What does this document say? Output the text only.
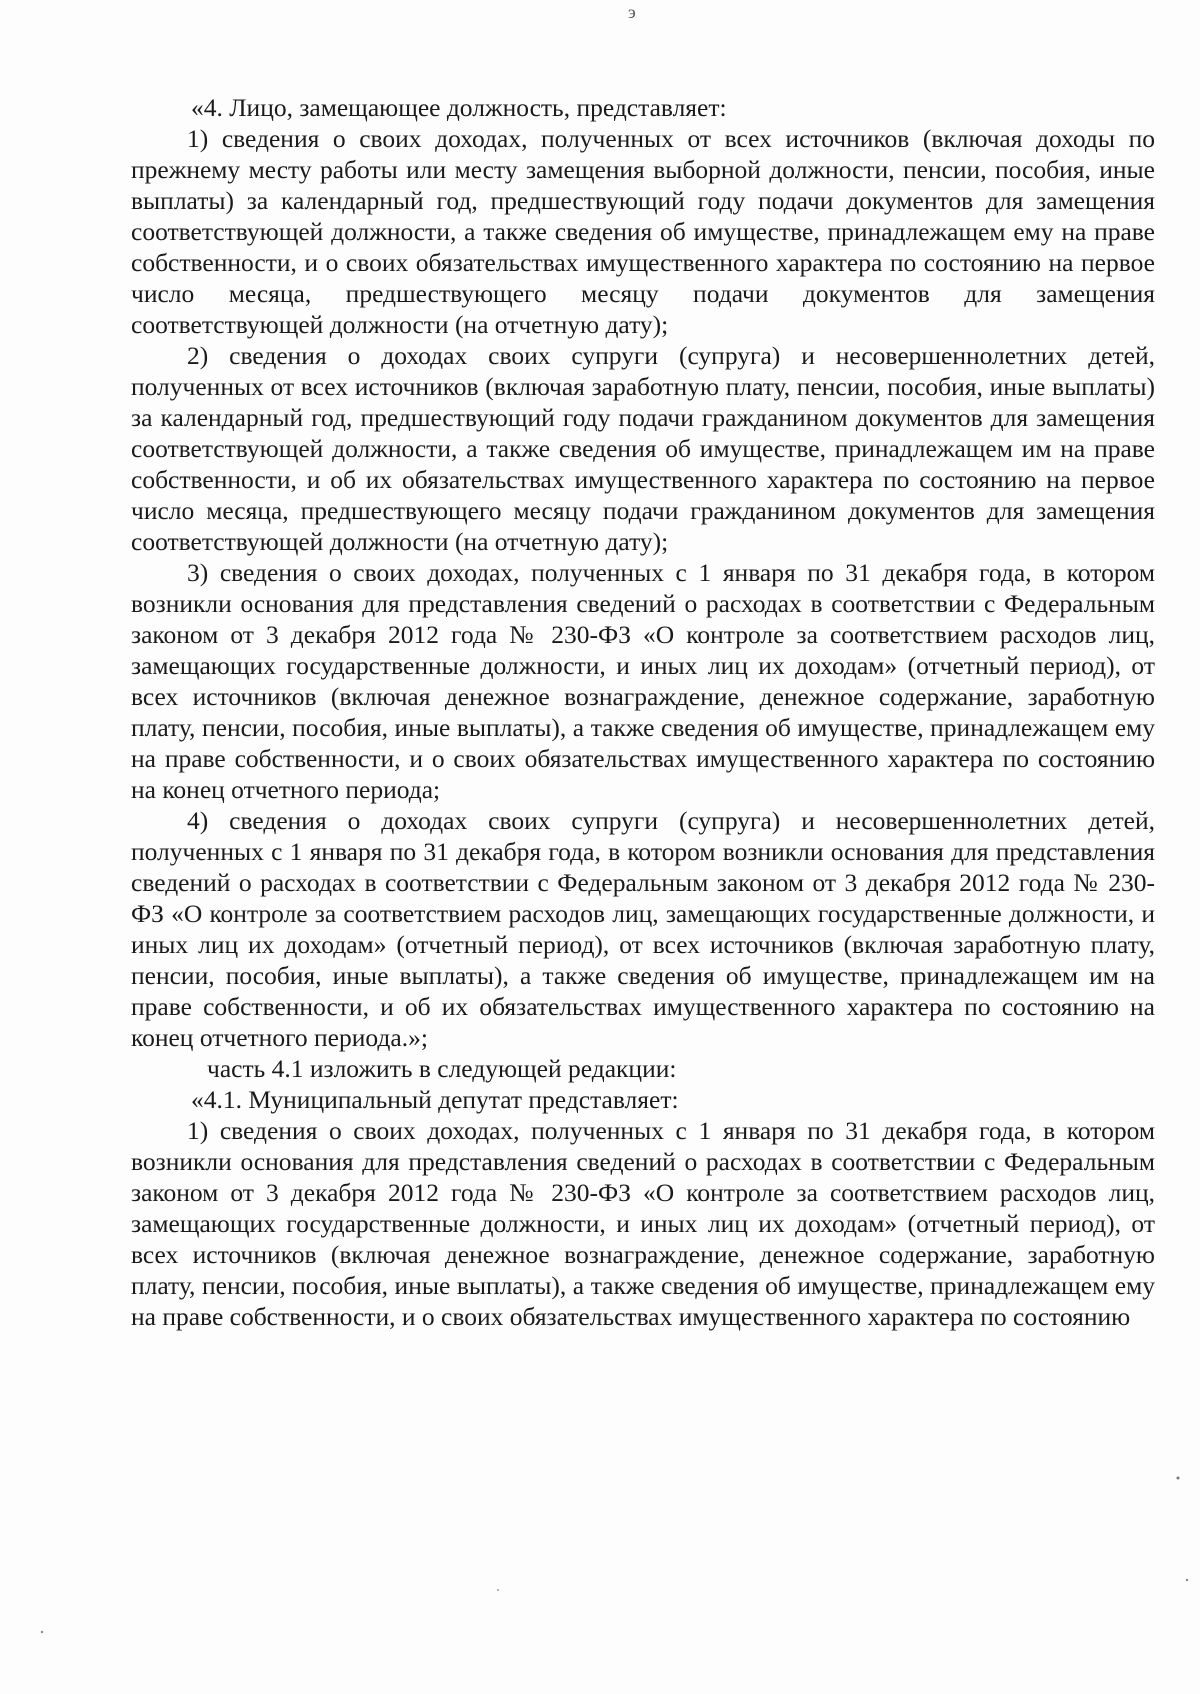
э

«4. Лицо, замещающее должность, представляет:

1) сведения о своих доходах, полученных от всех источников (включая доходы по прежнему месту работы или месту замещения выборной должности, пенсии, пособия, иные выплаты) за календарный год, предшествующий году подачи документов для замещения соответствующей должности, а также сведения об имуществе, принадлежащем ему на праве собственности, и о своих обязательствах имущественного характера по состоянию на первое число месяца, предшествующего месяцу подачи документов для замещения соответствующей должности (на отчетную дату);

2) сведения о доходах своих супруги (супруга) и несовершеннолетних детей, полученных от всех источников (включая заработную плату, пенсии, пособия, иные выплаты) за календарный год, предшествующий году подачи гражданином документов для замещения соответствующей должности, а также сведения об имуществе, принадлежащем им на праве собственности, и об их обязательствах имущественного характера по состоянию на первое число месяца, предшествующего месяцу подачи гражданином документов для замещения соответствующей должности (на отчетную дату);

3) сведения о своих доходах, полученных с 1 января по 31 декабря года, в котором возникли основания для представления сведений о расходах в соответствии с Федеральным законом от 3 декабря 2012 года № 230-ФЗ «О контроле за соответствием расходов лиц, замещающих государственные должности, и иных лиц их доходам» (отчетный период), от всех источников (включая денежное вознаграждение, денежное содержание, заработную плату, пенсии, пособия, иные выплаты), а также сведения об имуществе, принадлежащем ему на праве собственности, и о своих обязательствах имущественного характера по состоянию на конец отчетного периода;

4) сведения о доходах своих супруги (супруга) и несовершеннолетних детей, полученных с 1 января по 31 декабря года, в котором возникли основания для представления сведений о расходах в соответствии с Федеральным законом от 3 декабря 2012 года № 230-ФЗ «О контроле за соответствием расходов лиц, замещающих государственные должности, и иных лиц их доходам» (отчетный период), от всех источников (включая заработную плату, пенсии, пособия, иные выплаты), а также сведения об имуществе, принадлежащем им на праве собственности, и об их обязательствах имущественного характера по состоянию на конец отчетного периода.»;

часть 4.1 изложить в следующей редакции:

«4.1. Муниципальный депутат представляет:

1) сведения о своих доходах, полученных с 1 января по 31 декабря года, в котором возникли основания для представления сведений о расходах в соответствии с Федеральным законом от 3 декабря 2012 года № 230-ФЗ «О контроле за соответствием расходов лиц, замещающих государственные должности, и иных лиц их доходам» (отчетный период), от всех источников (включая денежное вознаграждение, денежное содержание, заработную плату, пенсии, пособия, иные выплаты), а также сведения об имуществе, принадлежащем ему на праве собственности, и о своих обязательствах имущественного характера по состоянию
